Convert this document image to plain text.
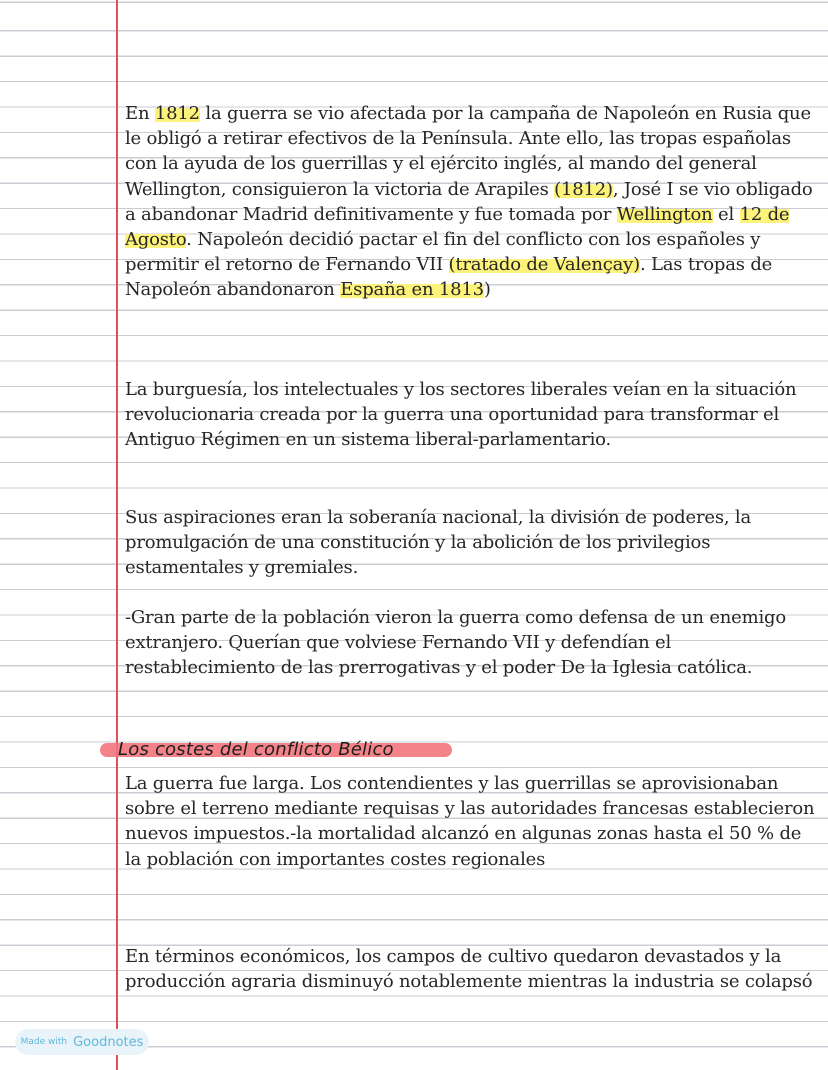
En 1812 la guerra se vio afectada por la campaña de Napoleón en Rusia que le obligó a retirar efectivos de la Península. Ante ello, las tropas españolas con la ayuda de los guerrillas y el ejército inglés, al mando del general Wellington, consiguieron la victoria de Arapiles (1812), José I se vio obligado a abandonar Madrid definitivamente y fue tomada por Wellington el 12 de Agosto. Napoleón decidió pactar el fin del conflicto con los españoles y permitir el retorno de Fernando VII (tratado de Valençay). Las tropas de Napoleón abandonaron España en 1813)

La burguesía, los intelectuales y los sectores liberales veían en la situación revolucionaria creada por la guerra una oportunidad para transformar el Antiguo Régimen en un sistema liberal-parlamentario.

Sus aspiraciones eran la soberanía nacional, la división de poderes, la promulgación de una constitución y la abolición de los privilegios estamentales y gremiales.

-Gran parte de la población vieron la guerra como defensa de un enemigo extranjero. Querían que volviese Fernando VII y defendían el restablecimiento de las prerrogativas y el poder De la Iglesia católica.

Los costes del conflicto Bélico

La guerra fue larga. Los contendientes y las guerrillas se aprovisionaban sobre el terreno mediante requisas y las autoridades francesas establecieron nuevos impuestos.-la mortalidad alcanzó en algunas zonas hasta el 50 % de la población con importantes costes regionales

En términos económicos, los campos de cultivo quedaron devastados y la producción agraria disminuyó notablemente mientras la industria se colapsó

Made with Goodnotes
